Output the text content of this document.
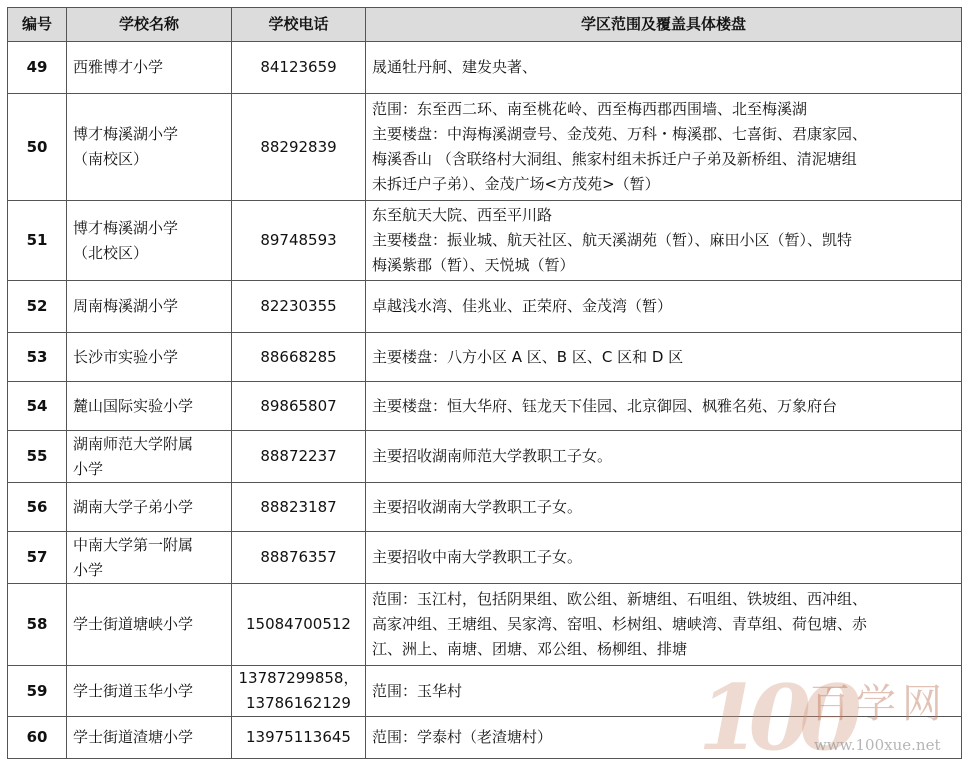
编号	学校名称	学校电话	学区范围及覆盖具体楼盘
49	西雅博才小学	84123659	晟通牡丹舸、建发央著、

50	博才梅溪湖小学
（南校区）	88292839	范围：东至西二环、南至桃花岭、西至梅西郡西围墙、北至梅溪湖
主要楼盘：中海梅溪湖壹号、金茂苑、万科・梅溪郡、七喜街、君康家园、
梅溪香山 （含联络村大洞组、熊家村组未拆迁户子弟及新桥组、清泥塘组
未拆迁户子弟）、金茂广场<方茂苑>（暂）

51	博才梅溪湖小学
（北校区）	89748593	东至航天大院、西至平川路
主要楼盘：振业城、航天社区、航天溪湖苑（暂）、麻田小区（暂）、凯特
梅溪紫郡（暂）、天悦城（暂）

52	周南梅溪湖小学	82230355	卓越浅水湾、佳兆业、正荣府、金茂湾（暂）

53	长沙市实验小学	88668285	主要楼盘：八方小区 A 区、B 区、C 区和 D 区

54	麓山国际实验小学	89865807	主要楼盘：恒大华府、钰龙天下佳园、北京御园、枫雅名苑、万象府台

55	湖南师范大学附属
小学	88872237	主要招收湖南师范大学教职工子女。

56	湖南大学子弟小学	88823187	主要招收湖南大学教职工子女。

57	中南大学第一附属
小学	88876357	主要招收中南大学教职工子女。

58	学士街道塘峡小学	15084700512	范围：玉江村，包括阴果组、欧公组、新塘组、石咀组、铁坡组、西冲组、
高家冲组、王塘组、吴家湾、窑咀、杉树组、塘峡湾、青草组、荷包塘、赤
江、洲上、南塘、团塘、邓公组、杨柳组、排塘

59	学士街道玉华小学	13787299858，
13786162129	范围：玉华村

60	学士街道渣塘小学	13975113645	范围：学泰村（老渣塘村）	100
百学网
www.100xue.net
